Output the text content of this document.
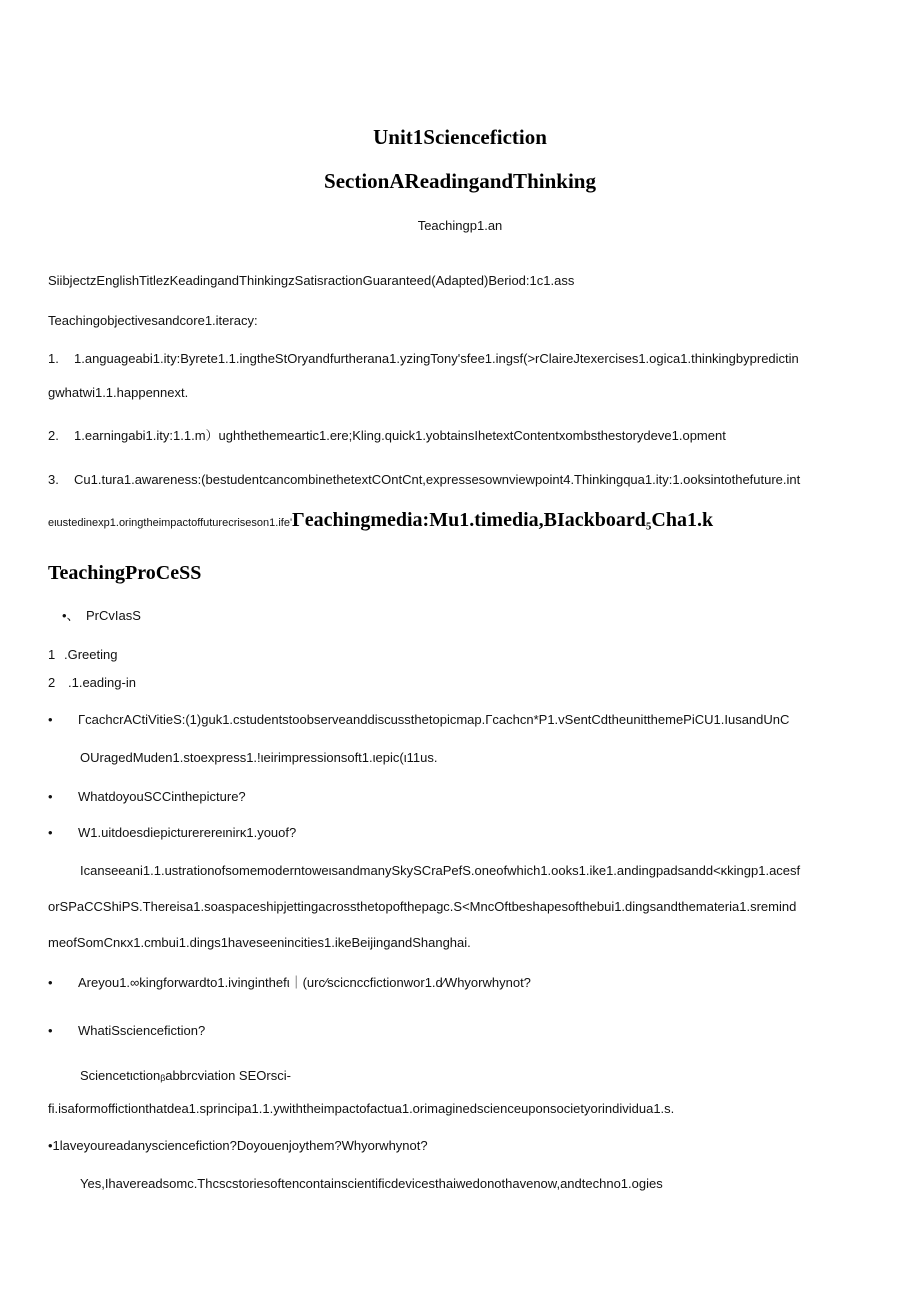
Unit1Sciencefiction
SectionAReadingandThinking
Teachingp1.an
SiibjectzEnglishTitlezKeadingandThinkingzSatisractionGuaranteed(Adapted)Beriod:1c1.ass
Teachingobjectivesandcore1.iteracy:
1. 1.anguageabi1.ity:Byrete1.1.ingtheStOryandfurtherana1.yzingTony'sfee1.ingsf(>rClaireJtexercises1.ogica1.thinkingbypredictin
gwhatwi1.1.happennext.
2. 1.earningabi1.ity:1.1.m）ughthethemeartic1.ere;Kling.quick1.yobtainsIhetextContentxombsthestorydeve1.opment
3. Cu1.tura1.awareness:(bestudentcancombinethetextCOntCnt,expressesownviewpoint4.Thinkingqua1.ity:1.ooksintothefuture.int
eιustedinexp1.oringtheimpactoffuturecriseson1.ife'Γeachingmedia:Mu1.timedia,BIackboard$_5$Cha1.k
TeachingProCeSS
•、 PrCvIasS
1 .Greeting
2 .1.eading-in
• ΓcachcrACtiVitieS:(1)guk1.cstudentstoobserveanddiscussthetopicmap.Γcachcn*P1.vSentCdtheunitthemePiCU1.IusandUnC
OUragedMuden1.stoexpress1.!ιeirimpressionsoft1.ιepic(ι11us.
• WhatdoyouSCCinthepicture?
• W1.uitdoesdiepicturerereιnirκ1.youof?
Icanseeani1.1.ustrationofsomemoderntoweιsandmanySkySCraPefS.oneofwhich1.ooks1.ike1.andingpadsandd<κkingp1.acesf
orSPaCCShiPS.Thereisa1.soaspaceshipjettingacrossthetopofthepagc.S<MncOftbeshapesofthebui1.dingsandthemateria1.sremind
meofSomCnκx1.cmbui1.dings1haveseenincities1.ikeBeijingandShanghai.
• Areyou1.∞kingforwardto1.ivinginthefι｜(urc⁄scicnccfictionwor1.d⁄Whyorwhynot?
• WhatiSsciencefiction?
Sciencetιctionᵦabbrcviation SEOrsci-
fi.isaformoffictionthatdea1.sprincipa1.1.ywiththeimpactofactua1.orimaginedscienceuponsocietyorindividua1.s.
•1laveyoureadanysciencefiction?Doyouenjoythem?Whyorwhynot?
Yes,Ihavereadsomc.Thcscstoriesoftencontainscientificdevicesthaiwedonothavenow,andtechno1.ogies
